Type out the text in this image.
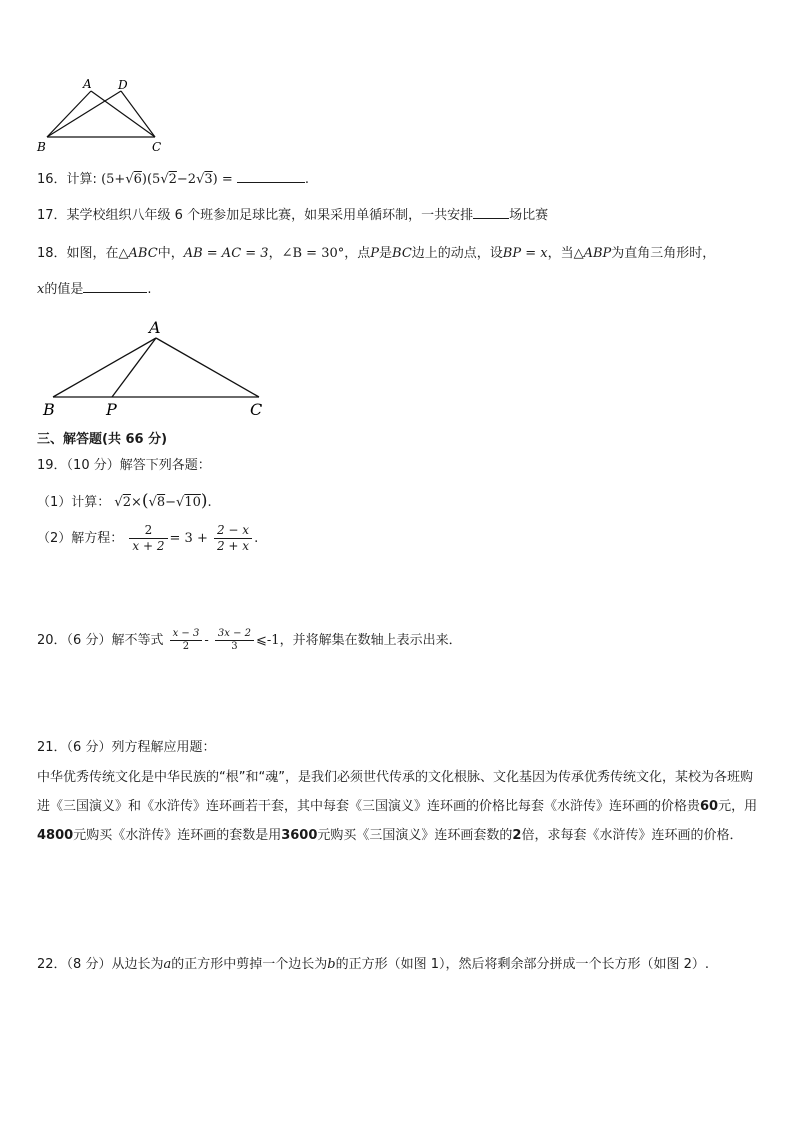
A D
B	C
16．计算: (5+√6)(5√2−2√3) =	.
17．某学校组织八年级 6 个班参加足球比赛，如果采用单循环制，一共安排	场比赛
18．如图，在△ABC中，AB = AC = 3，∠B = 30°，点P是BC边上的动点，设BP = x，当△ABP为直角三角形时，
x的值是	.
A
B	P	C
三、解答题(共 66 分)
19．（10 分）解答下列各题：
（1）计算： √2×(√8−√10).
（2）解方程： $\frac{2}{x + 2} = 3 + \frac{2 - x}{2 + x}$ .
20．（6 分）解不等式 $\frac{x - 3}{2} - \frac{3x - 2}{3}$ ⩽-1，并将解集在数轴上表示出来．
21．（6 分）列方程解应用题：
中华优秀传统文化是中华民族的“根”和“魂”，是我们必须世代传承的文化根脉、文化基因为传承优秀传统文化，某校为各班购进《三国演义》和《水浒传》连环画若干套，其中每套《三国演义》连环画的价格比每套《水浒传》连环画的价格贵60元，用4800元购买《水浒传》连环画的套数是用3600元购买《三国演义》连环画套数的2倍，求每套《水浒传》连环画的价格．
22．（8 分）从边长为a的正方形中剪掉一个边长为b的正方形（如图 1），然后将剩余部分拼成一个长方形（如图 2）.
